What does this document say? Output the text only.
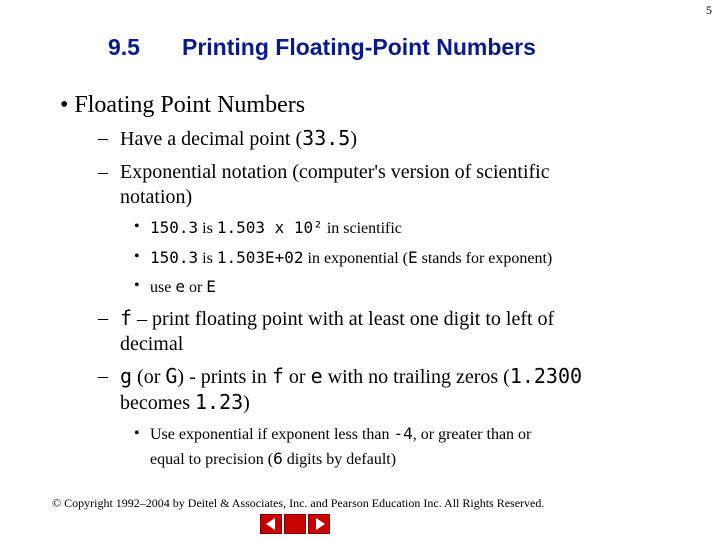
5
9.5 Printing Floating-Point Numbers
• Floating Point Numbers
– Have a decimal point (33.5)
– Exponential notation (computer's version of scientific
notation)
• 150.3 is 1.503 x 10² in scientific
• 150.3 is 1.503E+02 in exponential (E stands for exponent)
• use e or E
– f – print floating point with at least one digit to left of
decimal
– g (or G) - prints in f or e with no trailing zeros (1.2300
becomes 1.23)
• Use exponential if exponent less than -4, or greater than or
equal to precision (6 digits by default)
© Copyright 1992–2004 by Deitel & Associates, Inc. and Pearson Education Inc. All Rights Reserved.
